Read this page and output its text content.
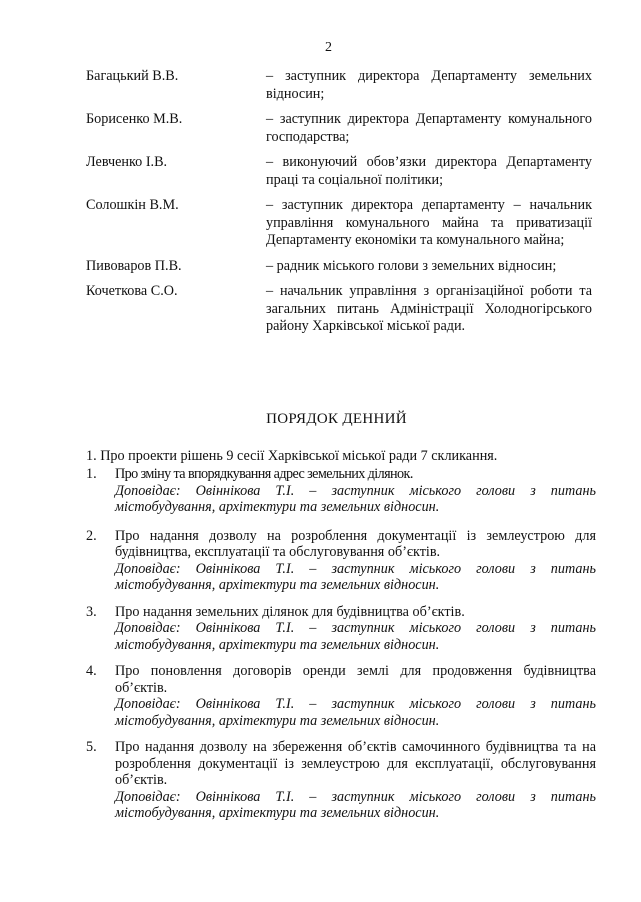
2
Багацький В.В.	– заступник директора Департаменту земельних відносин;
Борисенко М.В.	– заступник директора Департаменту комунального господарства;
Левченко І.В.	– виконуючий обов’язки директора Департаменту праці та соціальної політики;
Солошкін В.М.	– заступник директора департаменту – начальник управління комунального майна та приватизації Департаменту економіки та комунального майна;
Пивоваров П.В.	– радник міського голови з земельних відносин;
Кочеткова С.О.	– начальник управління з організаційної роботи та загальних питань Адміністрації Холодногірського району Харківської міської ради.
ПОРЯДОК ДЕННИЙ
1. Про проекти рішень 9 сесії Харківської міської ради 7 скликання.
1.	Про зміну та впорядкування адрес земельних ділянок.
Доповідає: Овіннікова Т.І. – заступник міського голови з питань містобудування, архітектури та земельних відносин.
2.	Про надання дозволу на розроблення документації із землеустрою для будівництва, експлуатації та обслуговування об’єктів.
Доповідає: Овіннікова Т.І. – заступник міського голови з питань містобудування, архітектури та земельних відносин.
3.	Про надання земельних ділянок для будівництва об’єктів.
Доповідає: Овіннікова Т.І. – заступник міського голови з питань містобудування, архітектури та земельних відносин.
4.	Про поновлення договорів оренди землі для продовження будівництва об’єктів.
Доповідає: Овіннікова Т.І. – заступник міського голови з питань містобудування, архітектури та земельних відносин.
5.	Про надання дозволу на збереження об’єктів самочинного будівництва та на розроблення документації із землеустрою для експлуатації, обслуговування об’єктів.
Доповідає: Овіннікова Т.І. – заступник міського голови з питань містобудування, архітектури та земельних відносин.
